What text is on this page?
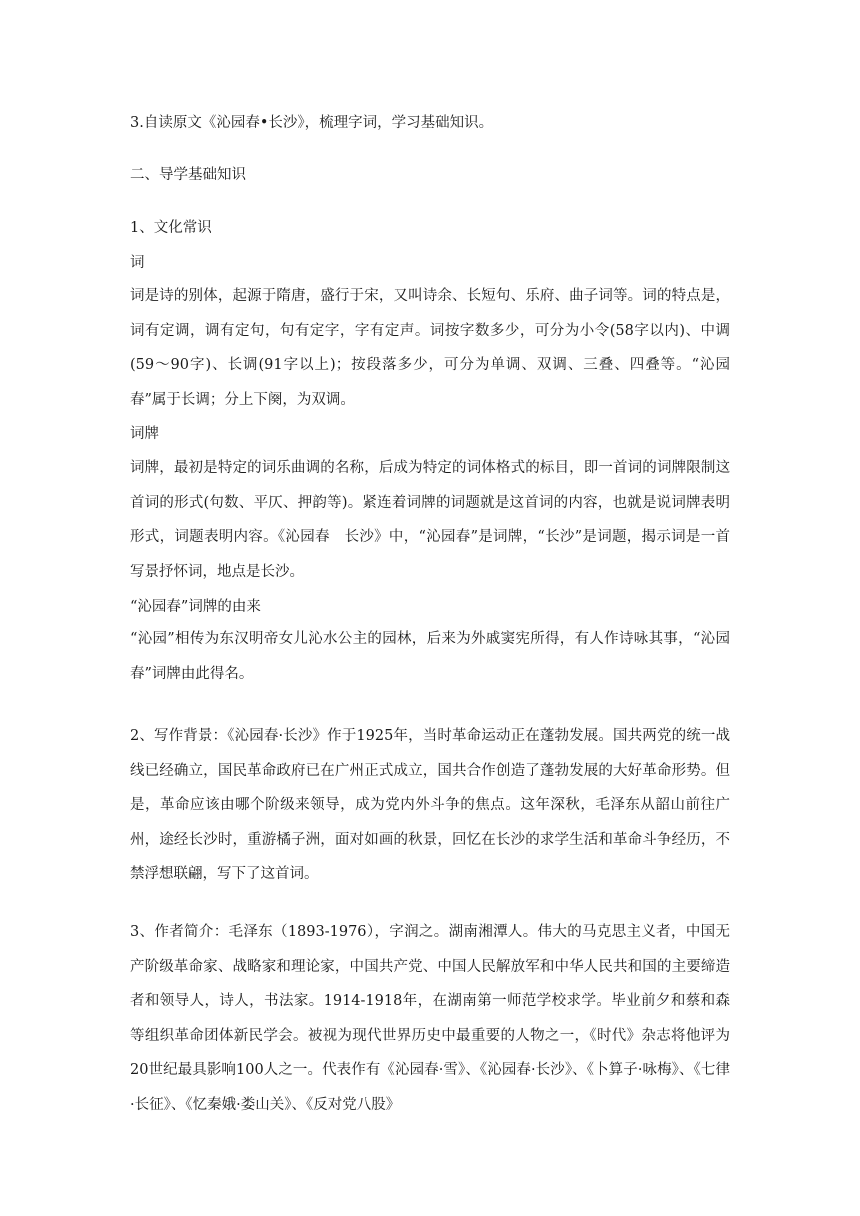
3.自读原文《沁园春•长沙》，梳理字词，学习基础知识。
二、导学基础知识
1、文化常识
词
词是诗的别体，起源于隋唐，盛行于宋，又叫诗余、长短句、乐府、曲子词等。词的特点是，词有定调，调有定句，句有定字，字有定声。词按字数多少，可分为小令(58字以内)、中调(59～90字)、长调(91字以上)；按段落多少，可分为单调、双调、三叠、四叠等。“沁园春”属于长调；分上下阕，为双调。
词牌
词牌，最初是特定的词乐曲调的名称，后成为特定的词体格式的标目，即一首词的词牌限制这首词的形式(句数、平仄、押韵等)。紧连着词牌的词题就是这首词的内容，也就是说词牌表明形式，词题表明内容。《沁园春　长沙》中，“沁园春”是词牌，“长沙”是词题，揭示词是一首写景抒怀词，地点是长沙。
“沁园春”词牌的由来
“沁园”相传为东汉明帝女儿沁水公主的园林，后来为外戚窦宪所得，有人作诗咏其事，“沁园春”词牌由此得名。
2、写作背景：《沁园春·长沙》作于1925年，当时革命运动正在蓬勃发展。国共两党的统一战线已经确立，国民革命政府已在广州正式成立，国共合作创造了蓬勃发展的大好革命形势。但是，革命应该由哪个阶级来领导，成为党内外斗争的焦点。这年深秋，毛泽东从韶山前往广州，途经长沙时，重游橘子洲，面对如画的秋景，回忆在长沙的求学生活和革命斗争经历，不禁浮想联翩，写下了这首词。
3、作者简介：毛泽东（1893-1976），字润之。湖南湘潭人。伟大的马克思主义者，中国无产阶级革命家、战略家和理论家，中国共产党、中国人民解放军和中华人民共和国的主要缔造者和领导人，诗人，书法家。1914-1918年，在湖南第一师范学校求学。毕业前夕和蔡和森等组织革命团体新民学会。被视为现代世界历史中最重要的人物之一，《时代》杂志将他评为20世纪最具影响100人之一。代表作有《沁园春·雪》、《沁园春·长沙》、《卜算子·咏梅》、《七律·长征》、《忆秦娥·娄山关》、《反对党八股》
